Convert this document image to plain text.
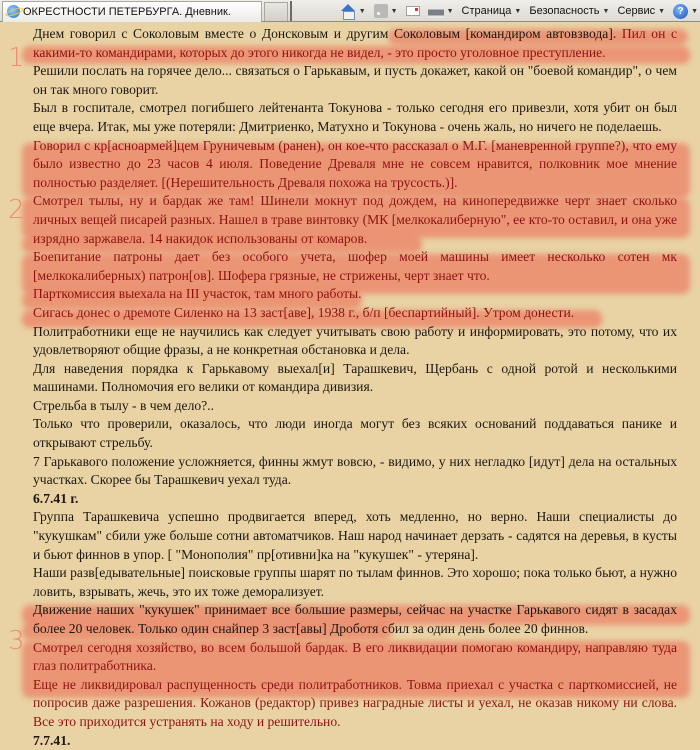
ОКРЕСТНОСТИ ПЕТЕРБУРГА. Дневник.	▼	▼	▼ Страница ▼ Безопасность ▼ Сервис ▼	?	▼
1
2
3

Днем говорил с Соколовым вместе о Донсковым и другим Соколовым [командиром автовзвода]. Пил он с какими-то командирами, которых до этого никогда не видел, - это просто уголовное преступление.

Решили послать на горячее дело... связаться о Гарькавым, и пусть докажет, какой он "боевой командир", о чем он так много говорит.

Был в госпитале, смотрел погибшего лейтенанта Токунова - только сегодня его привезли, хотя убит он был еще вчера. Итак, мы уже потеряли: Дмитриенко, Матухно и Токунова - очень жаль, но ничего не поделаешь.

Говорил с кр[асноармей]цем Груничевым (ранен), он кое-что рассказал о М.Г. [маневренной группе?), что ему было известно до 23 часов 4 июля. Поведение Древаля мне не совсем нравится, полковник мое мнение полностью разделяет. [(Нерешительность Древаля похожа на трусость.)].

Смотрел тылы, ну и бардак же там! Шинели мокнут под дождем, на кинопередвижке черт знает сколько личных вещей писарей разных. Нашел в траве винтовку (МК [мелкокалиберную", ее кто-то оставил, и она уже изрядно заржавела. 14 накидок использованы от комаров.

Боепитание патроны дает без особого учета, шофер моей машины имеет несколько сотен мк [мелкокалиберных) патрон[ов]. Шофера грязные, не стрижены, черт знает что.

Парткомиссия выехала на III участок, там много работы.

Сигась донес о дремоте Силенко на 13 заст[аве], 1938 г., б/п [беспартийный]. Утром донести.

Политработники еще не научились как следует учитывать свою работу и информировать, это потому, что их удовлетворяют общие фразы, а не конкретная обстановка и дела.

Для наведения порядка к Гарькавому выехал[и] Тарашкевич, Щербань с одной ротой и несколькими машинами. Полномочия его велики от командира дивизия.

Стрельба в тылу - в чем дело?..

Только что проверили, оказалось, что люди иногда могут без всяких оснований поддаваться панике и открывают стрельбу.

7 Гарькавого положение усложняется, финны жмут вовсю, - видимо, у них негладко [идут] дела на остальных участках. Скорее бы Тарашкевич уехал туда.

6.7.41 г.

Группа Тарашкевича успешно продвигается вперед, хоть медленно, но верно. Наши специалисты до "кукушкам" сбили уже больше сотни автоматчиков. Наш народ начинает дерзать - садятся на деревья, в кусты и бьют финнов в упор. [ "Монополия" пр[отивни]ка на "кукушек" - утеряна].

Наши разв[едывательные] поисковые группы шарят по тылам финнов. Это хорошо; пока только бьют, а нужно ловить, взрывать, жечь, это их тоже деморализует.

Движение наших "кукушек" принимает все большие размеры, сейчас на участке Гарькавого сидят в засадах более 20 человек. Только один снайпер 3 заст[авы] Дроботя сбил за один день более 20 финнов.

Смотрел сегодня хозяйство, во всем большой бардак. В его ликвидации помогаю командиру, направляю туда глаз политработника.

Еще не ликвидировал распущенность среди политработников. Товма приехал с участка с парткомиссией, не попросив даже разрешения. Кожанов (редактор) привез наградные листы и уехал, не оказав никому ни слова. Все это приходится устранять на ходу и решительно.

7.7.41.
